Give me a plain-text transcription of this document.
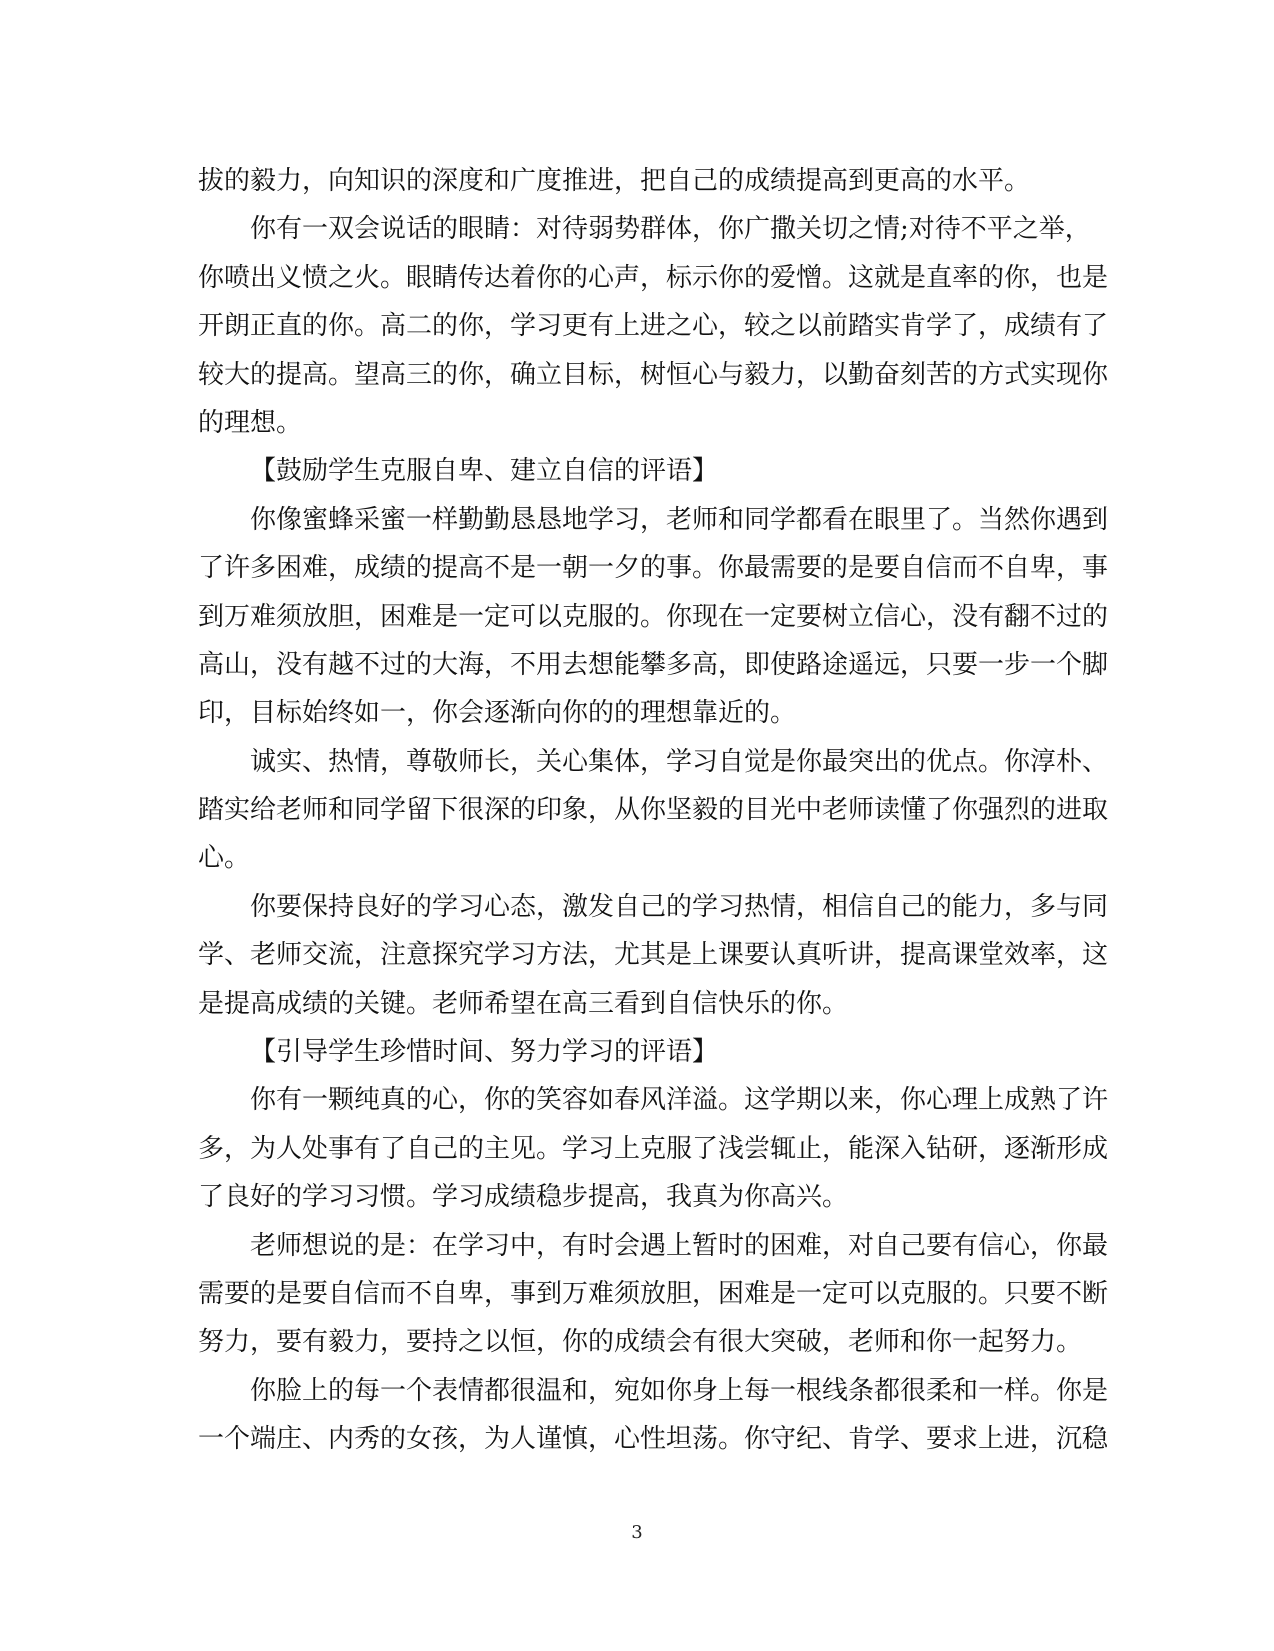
拔的毅力，向知识的深度和广度推进，把自己的成绩提高到更高的水平。
你有一双会说话的眼睛：对待弱势群体，你广撒关切之情;对待不平之举，
你喷出义愤之火。眼睛传达着你的心声，标示你的爱憎。这就是直率的你，也是
开朗正直的你。高二的你，学习更有上进之心，较之以前踏实肯学了，成绩有了
较大的提高。望高三的你，确立目标，树恒心与毅力，以勤奋刻苦的方式实现你
的理想。
【鼓励学生克服自卑、建立自信的评语】
你像蜜蜂采蜜一样勤勤恳恳地学习，老师和同学都看在眼里了。当然你遇到
了许多困难，成绩的提高不是一朝一夕的事。你最需要的是要自信而不自卑，事
到万难须放胆，困难是一定可以克服的。你现在一定要树立信心，没有翻不过的
高山，没有越不过的大海，不用去想能攀多高，即使路途遥远，只要一步一个脚
印，目标始终如一，你会逐渐向你的的理想靠近的。
诚实、热情，尊敬师长，关心集体，学习自觉是你最突出的优点。你淳朴、
踏实给老师和同学留下很深的印象，从你坚毅的目光中老师读懂了你强烈的进取
心。
你要保持良好的学习心态，激发自己的学习热情，相信自己的能力，多与同
学、老师交流，注意探究学习方法，尤其是上课要认真听讲，提高课堂效率，这
是提高成绩的关键。老师希望在高三看到自信快乐的你。
【引导学生珍惜时间、努力学习的评语】
你有一颗纯真的心，你的笑容如春风洋溢。这学期以来，你心理上成熟了许
多，为人处事有了自己的主见。学习上克服了浅尝辄止，能深入钻研，逐渐形成
了良好的学习习惯。学习成绩稳步提高，我真为你高兴。
老师想说的是：在学习中，有时会遇上暂时的困难，对自己要有信心，你最
需要的是要自信而不自卑，事到万难须放胆，困难是一定可以克服的。只要不断
努力，要有毅力，要持之以恒，你的成绩会有很大突破，老师和你一起努力。
你脸上的每一个表情都很温和，宛如你身上每一根线条都很柔和一样。你是
一个端庄、内秀的女孩，为人谨慎，心性坦荡。你守纪、肯学、要求上进，沉稳
3
